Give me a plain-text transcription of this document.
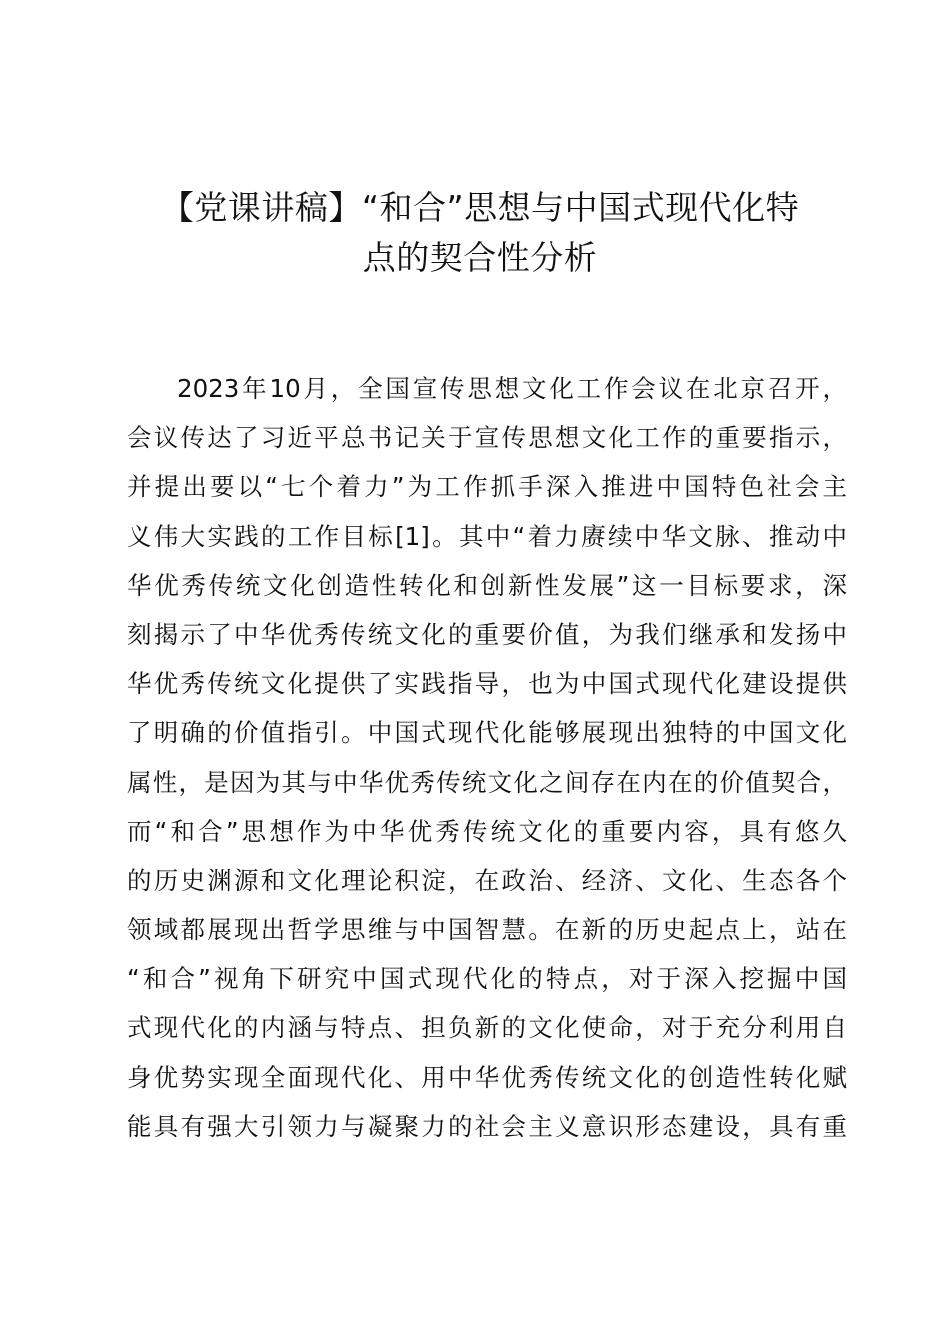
【党课讲稿】“和合”思想与中国式现代化特
点的契合性分析
2023年10月，全国宣传思想文化工作会议在北京召开，
会议传达了习近平总书记关于宣传思想文化工作的重要指示，
并提出要以“七个着力”为工作抓手深入推进中国特色社会主
义伟大实践的工作目标[1]。其中“着力赓续中华文脉、推动中
华优秀传统文化创造性转化和创新性发展”这一目标要求，深
刻揭示了中华优秀传统文化的重要价值，为我们继承和发扬中
华优秀传统文化提供了实践指导，也为中国式现代化建设提供
了明确的价值指引。中国式现代化能够展现出独特的中国文化
属性，是因为其与中华优秀传统文化之间存在内在的价值契合，
而“和合”思想作为中华优秀传统文化的重要内容，具有悠久
的历史渊源和文化理论积淀，在政治、经济、文化、生态各个
领域都展现出哲学思维与中国智慧。在新的历史起点上，站在
“和合”视角下研究中国式现代化的特点，对于深入挖掘中国
式现代化的内涵与特点、担负新的文化使命，对于充分利用自
身优势实现全面现代化、用中华优秀传统文化的创造性转化赋
能具有强大引领力与凝聚力的社会主义意识形态建设，具有重
